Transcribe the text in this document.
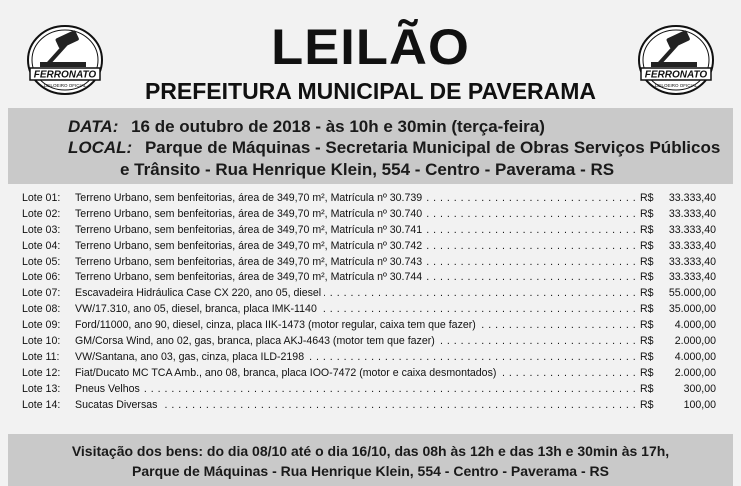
FERRONATO
LEILOEIRO OFICIAL
FERRONATO
LEILOEIRO OFICIAL
LEILÃO
PREFEITURA MUNICIPAL DE PAVERAMA
DATA: 16 de outubro de 2018 - às 10h e 30min (terça-feira)
LOCAL: Parque de Máquinas - Secretaria Municipal de Obras Serviços Públicos
e Trânsito - Rua Henrique Klein, 554 - Centro - Paverama - RS
Lote 01:	Terreno Urbano, sem benfeitorias, área de 349,70 m², Matrícula nº 30.739 . . .	R$ 33.333,40
Lote 02:	Terreno Urbano, sem benfeitorias, área de 349,70 m², Matrícula nº 30.740 . . .	R$ 33.333,40
Lote 03:	Terreno Urbano, sem benfeitorias, área de 349,70 m², Matrícula nº 30.741 . . .	R$ 33.333,40
Lote 04:	Terreno Urbano, sem benfeitorias, área de 349,70 m², Matrícula nº 30.742 . . .	R$ 33.333,40
Lote 05:	Terreno Urbano, sem benfeitorias, área de 349,70 m², Matrícula nº 30.743 . . .	R$ 33.333,40
Lote 06:	Terreno Urbano, sem benfeitorias, área de 349,70 m², Matrícula nº 30.744 . . .	R$ 33.333,40
Lote 07:	Escavadeira Hidráulica Case CX 220, ano 05, diesel . . .	R$ 55.000,00
Lote 08:	VW/17.310, ano 05, diesel, branca, placa IMK-1140 . . .	R$ 35.000,00
Lote 09:	Ford/11000, ano 90, diesel, cinza, placa IIK-1473 (motor regular, caixa tem que fazer) . . .	R$ 4.000,00
Lote 10:	GM/Corsa Wind, ano 02, gas, branca, placa AKJ-4643 (motor tem que fazer) . . .	R$ 2.000,00
Lote 11:	VW/Santana, ano 03, gas, cinza, placa ILD-2198 . . .	R$ 4.000,00
Lote 12:	Fiat/Ducato MC TCA Amb., ano 08, branca, placa IOO-7472 (motor e caixa desmontados) . . .	R$ 2.000,00
Lote 13:	Pneus Velhos . . .	R$	300,00
Lote 14:	Sucatas Diversas . . .	R$	100,00
Visitação dos bens: do dia 08/10 até o dia 16/10, das 08h às 12h e das 13h e 30min às 17h,
Parque de Máquinas - Rua Henrique Klein, 554 - Centro - Paverama - RS
